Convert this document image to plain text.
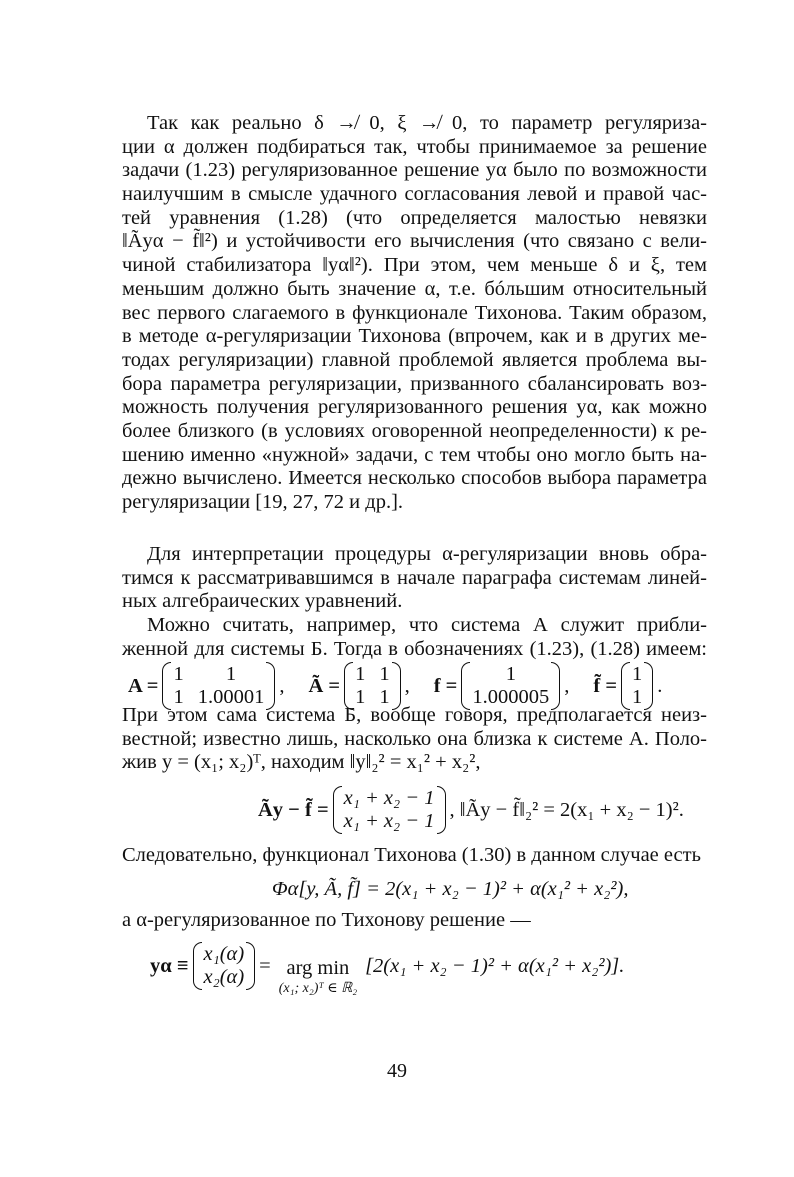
Так как реально δ ↛ 0, ξ ↛ 0, то параметр регуляриза-
ции α должен подбираться так, чтобы принимаемое за решение
задачи (1.23) регуляризованное решение yα было по возможности
наилучшим в смысле удачного согласования левой и правой час-
тей уравнения (1.28) (что определяется малостью невязки
‖Ãyα − f̃‖²) и устойчивости его вычисления (что связано с вели-
чиной стабилизатора ‖yα‖²). При этом, чем меньше δ и ξ, тем
меньшим должно быть значение α, т.е. бóльшим относительный
вес первого слагаемого в функционале Тихонова. Таким образом,
в методе α-регуляризации Тихонова (впрочем, как и в других ме-
тодах регуляризации) главной проблемой является проблема вы-
бора параметра регуляризации, призванного сбалансировать воз-
можность получения регуляризованного решения yα, как можно
более близкого (в условиях оговоренной неопределенности) к ре-
шению именно «нужной» задачи, с тем чтобы оно могло быть на-
дежно вычислено. Имеется несколько способов выбора параметра
регуляризации [19, 27, 72 и др.].
Для интерпретации процедуры α-регуляризации вновь обра-
тимся к рассматривавшимся в начале параграфа системам линей-
ных алгебраических уравнений.
Можно считать, например, что система А служит прибли-
женной для системы Б. Тогда в обозначениях (1.23), (1.28) имеем:
A =
1	1
1 1.00001
, Ã =
1 1
1 1
, f =
1
1.000005
, f̃ =
1
1
.
При этом сама система Б, вообще говоря, предполагается неиз-
вестной; известно лишь, насколько она близка к системе А. Поло-
жив y = (x₁; x₂)ᵀ, находим ‖y‖₂² = x₁² + x₂²,
Ãy − f̃ =
x₁ + x₂ − 1
x₁ + x₂ − 1
, ‖Ãy − f̃‖₂² = 2(x₁ + x₂ − 1)².
Следовательно, функционал Тихонова (1.30) в данном случае есть
Φα[y, Ã, f̃] = 2(x₁ + x₂ − 1)² + α(x₁² + x₂²),
а α-регуляризованное по Тихонову решение —
yα ≡
x₁(α)
x₂(α)
= arg min
(x₁; x₂)ᵀ ∈ ℝ₂
[2(x₁ + x₂ − 1)² + α(x₁² + x₂²)].
49
